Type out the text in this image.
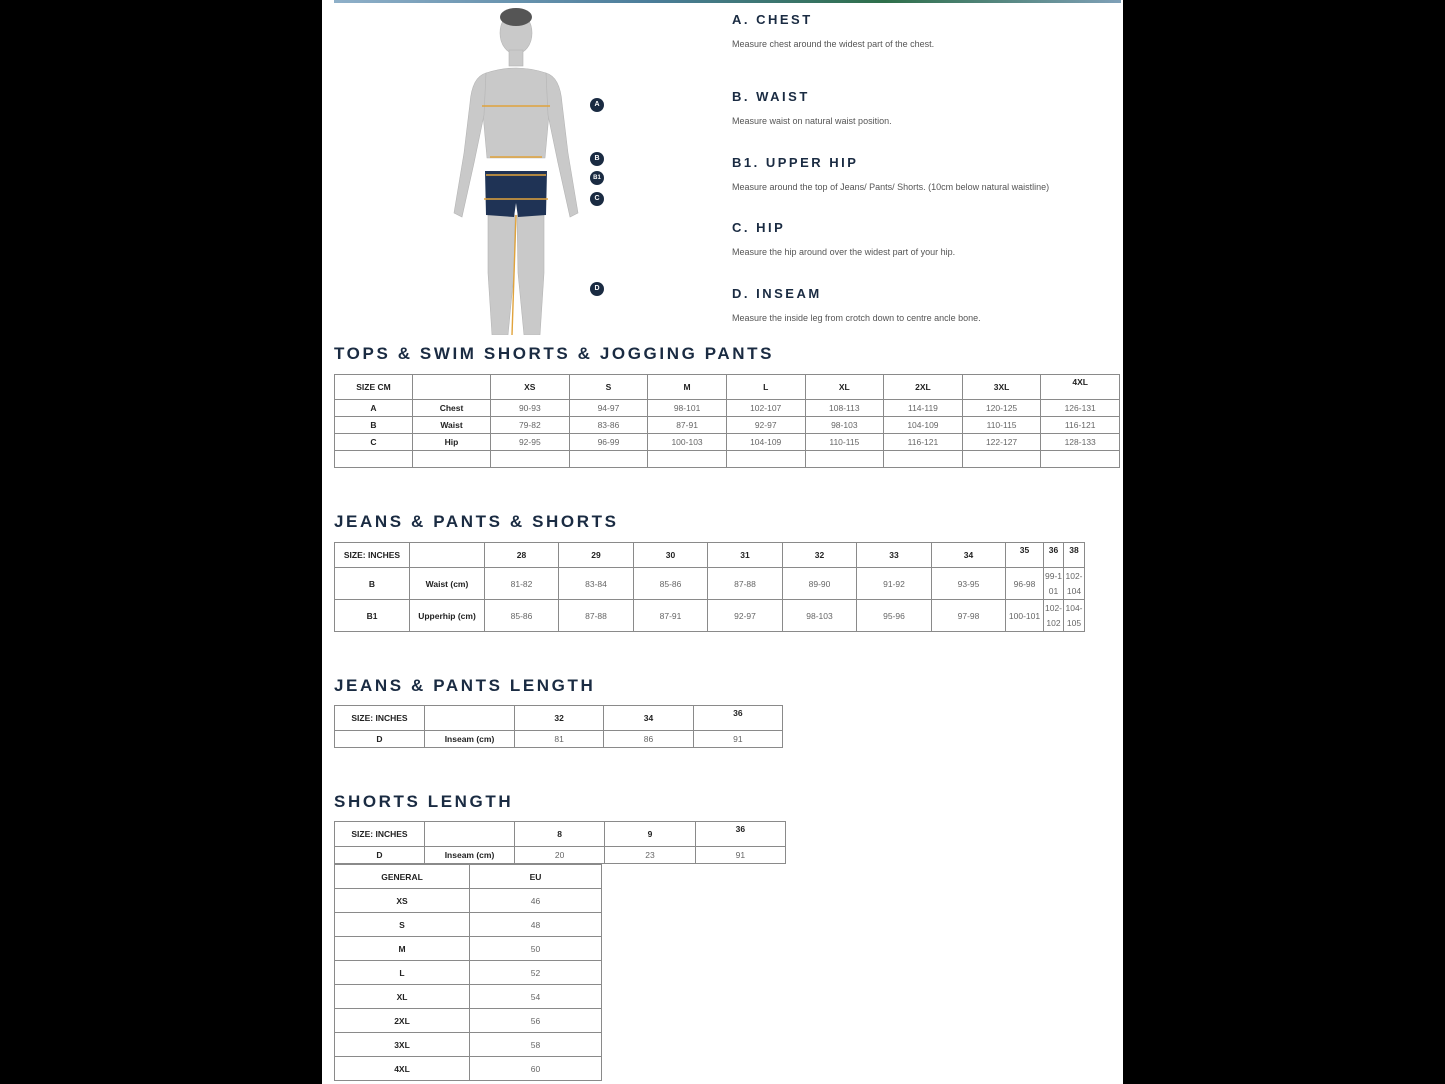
A
B
B1
C
D
A. CHEST
Measure chest around the widest part of the chest.
B. WAIST
Measure waist on natural waist position.
B1. UPPER HIP
Measure around the top of Jeans/ Pants/ Shorts. (10cm below natural waistline)
C. HIP
Measure the hip around over the widest part of your hip.
D. INSEAM
Measure the inside leg from crotch down to centre ancle bone.
TOPS & SWIM SHORTS & JOGGING PANTS
SIZE CM		XS	S	M	L	XL	2XL	3XL	4XL
A	Chest	90-93	94-97	98-101	102-107	108-113	114-119	120-125	126-131
B	Waist	79-82	83-86	87-91	92-97	98-103	104-109	110-115	116-121
C	Hip	92-95	96-99	100-103	104-109	110-115	116-121	122-127	128-133

JEANS & PANTS & SHORTS
SIZE: INCHES		28	29	30	31	32	33	34	35	36	38
B	Waist (cm)	81-82	83-84	85-86	87-88	89-90	91-92	93-95	96-98	99-101	102-104
B1	Upperhip (cm)	85-86	87-88	87-91	92-97	98-103	95-96	97-98	100-101	102-102	104-105
JEANS & PANTS LENGTH
SIZE: INCHES		32	34	36
D	Inseam (cm)	81	86	91
SHORTS LENGTH
SIZE: INCHES		8	9	36
D	Inseam (cm)	20	23	91
GENERAL	EU
XS	46
S	48
M	50
L	52
XL	54
2XL	56
3XL	58
4XL	60
